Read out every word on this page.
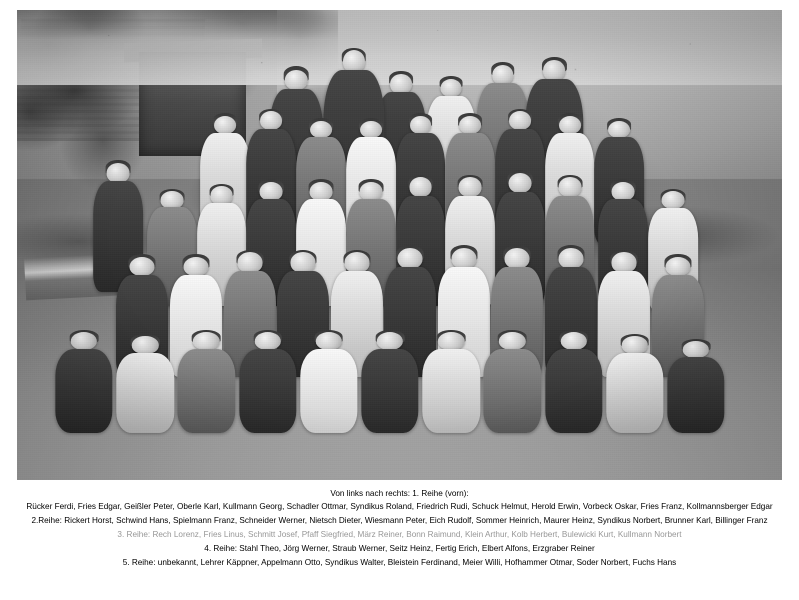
Von links nach rechts: 1. Reihe (vorn):
Rücker Ferdi, Fries Edgar, Geißler Peter, Oberle Karl, Kullmann Georg, Schadler Ottmar, Syndikus Roland, Friedrich Rudi, Schuck Helmut, Herold Erwin, Vorbeck Oskar, Fries Franz, Kollmannsberger Edgar
2.Reihe: Rickert Horst, Schwind Hans, Spielmann Franz, Schneider Werner, Nietsch Dieter, Wiesmann Peter, Eich Rudolf, Sommer Heinrich, Maurer Heinz, Syndikus Norbert, Brunner Karl, Billinger Franz
3. Reihe: Rech Lorenz, Fries Linus, Schmitt Josef, Pfaff Siegfried, März Reiner, Bonn Raimund, Klein Arthur, Kolb Herbert, Bulewicki Kurt, Kullmann Norbert
4. Reihe: Stahl Theo, Jörg Werner, Straub Werner, Seitz Heinz, Fertig Erich, Elbert Alfons, Erzgraber Reiner
5. Reihe: unbekannt, Lehrer Käppner, Appelmann Otto, Syndikus Walter, Bleistein Ferdinand, Meier Willi, Hofhammer Otmar, Soder Norbert, Fuchs Hans
